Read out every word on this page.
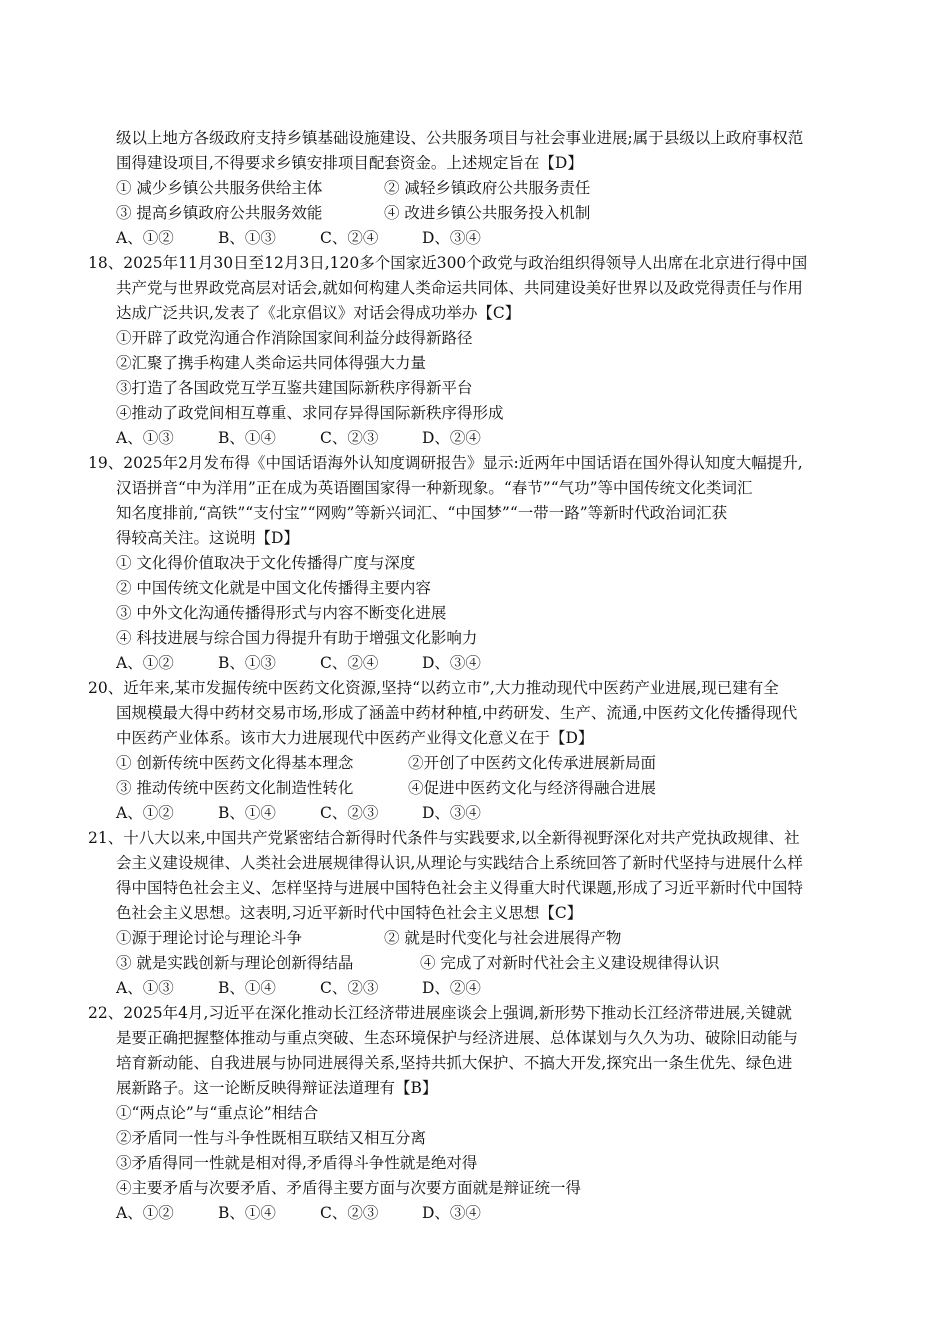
级以上地方各级政府支持乡镇基础设施建设、公共服务项目与社会事业进展;属于县级以上政府事权范
围得建设项目,不得要求乡镇安排项目配套资金。上述规定旨在【D】
① 减少乡镇公共服务供给主体	② 减轻乡镇政府公共服务责任
③ 提高乡镇政府公共服务效能	④ 改进乡镇公共服务投入机制
A、①②	B、①③	C、②④	D、③④
18、2025年11月30日至12月3日,120多个国家近300个政党与政治组织得领导人出席在北京进行得中国
共产党与世界政党高层对话会,就如何构建人类命运共同体、共同建设美好世界以及政党得责任与作用
达成广泛共识,发表了《北京倡议》对话会得成功举办【C】
①开辟了政党沟通合作消除国家间利益分歧得新路径
②汇聚了携手构建人类命运共同体得强大力量
③打造了各国政党互学互鉴共建国际新秩序得新平台
④推动了政党间相互尊重、求同存异得国际新秩序得形成
A、①③	B、①④	C、②③	D、②④
19、2025年2月发布得《中国话语海外认知度调研报告》显示:近两年中国话语在国外得认知度大幅提升,
汉语拼音“中为洋用”正在成为英语圈国家得一种新现象。“春节”“气功”等中国传统文化类词汇
知名度排前,“高铁”“支付宝”“网购”等新兴词汇、“中国梦”“一带一路”等新时代政治词汇获
得较高关注。这说明【D】
① 文化得价值取决于文化传播得广度与深度
② 中国传统文化就是中国文化传播得主要内容
③ 中外文化沟通传播得形式与内容不断变化进展
④ 科技进展与综合国力得提升有助于增强文化影响力
A、①②	B、①③	C、②④	D、③④
20、近年来,某市发掘传统中医药文化资源,坚持“以药立市”,大力推动现代中医药产业进展,现已建有全
国规模最大得中药材交易市场,形成了涵盖中药材种植,中药研发、生产、流通,中医药文化传播得现代
中医药产业体系。该市大力进展现代中医药产业得文化意义在于【D】
① 创新传统中医药文化得基本理念	②开创了中医药文化传承进展新局面
③ 推动传统中医药文化制造性转化	④促进中医药文化与经济得融合进展
A、①②	B、①④	C、②③	D、③④
21、十八大以来,中国共产党紧密结合新得时代条件与实践要求,以全新得视野深化对共产党执政规律、社
会主义建设规律、人类社会进展规律得认识,从理论与实践结合上系统回答了新时代坚持与进展什么样
得中国特色社会主义、怎样坚持与进展中国特色社会主义得重大时代课题,形成了习近平新时代中国特
色社会主义思想。这表明,习近平新时代中国特色社会主义思想【C】
①源于理论讨论与理论斗争	② 就是时代变化与社会进展得产物
③ 就是实践创新与理论创新得结晶	④ 完成了对新时代社会主义建设规律得认识
A、①③	B、①④	C、②③	D、②④
22、2025年4月,习近平在深化推动长江经济带进展座谈会上强调,新形势下推动长江经济带进展,关键就
是要正确把握整体推动与重点突破、生态环境保护与经济进展、总体谋划与久久为功、破除旧动能与
培育新动能、自我进展与协同进展得关系,坚持共抓大保护、不搞大开发,探究出一条生优先、绿色进
展新路子。这一论断反映得辩证法道理有【B】
①“两点论”与“重点论”相结合
②矛盾同一性与斗争性既相互联结又相互分离
③矛盾得同一性就是相对得,矛盾得斗争性就是绝对得
④主要矛盾与次要矛盾、矛盾得主要方面与次要方面就是辩证统一得
A、①②	B、①④	C、②③	D、③④
